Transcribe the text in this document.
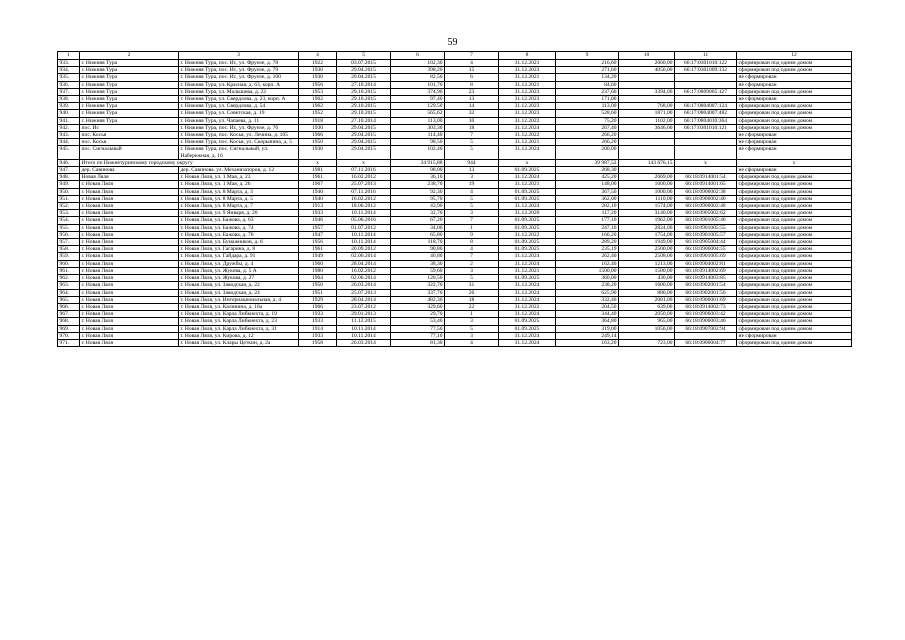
59
1	2	3	4	5	6	7	8	9	10	11	12
933.	г. Нижняя Тура	г. Нижняя Тура, пос. Ис, ул. Фрунзе, д. 78	1922	03.07.2015	102,30	4	31.12.2021	216,60	2660,00	66:17:0301010:122	сформирован под одним домом
934.	г. Нижняя Тура	г. Нижняя Тура, пос. Ис, ул. Фрунзе, д. 79	1930	29.04.2015	398,20	15	31.12.2023	271,60	4056,00	66:17:0301009:132	сформирован под одним домом
935.	г. Нижняя Тура	г. Нижняя Тура, пос. Ис, ул. Фрунзе, д. 100	1930	20.04.2015	82,50	6	31.12.2021	134,20			не сформирован
936.	г. Нижняя Тура	г. Нижняя Тура, ул. Красная, д. 63, корп. А	1956	27.10.2014	101,70	8	31.12.2021	84,60			не сформирован
937.	г. Нижняя Тура	г. Нижняя Тура, ул. Малышева, д. 22	1953	29.10.2015	374,90	23	31.12.2023	237,60	3394,00	66:17:0809005:127	сформирован под одним домом
938.	г. Нижняя Тура	г. Нижняя Тура, ул. Свердлова, д. 23, корп. А	1962	29.10.2015	97,40	13	31.12.2023	171,00			не сформирован
939.	г. Нижняя Тура	г. Нижняя Тура, ул. Свердлова, д. 54	1962	29.10.2015	129,50	14	31.12.2023	113,00	768,00	66:17:0804007:124	сформирован под одним домом
940.	г. Нижняя Тура	г. Нижняя Тура, ул. Советская, д. 19	1952	29.10.2015	565,62	32	31.12.2023	528,60	1871,00	66:17:0804007:482	сформирован под одним домом
941.	г. Нижняя Тура	г. Нижняя Тура, ул. Чапаева, д. 11	1918	27.10.2014	113,00	10	31.12.2022	75,20	1102,00	66:17:0804010:364	сформирован под одним домом
942.	пос. Ис	г. Нижняя Тура, пос. Ис, ул. Фрунзе, д. 76	1930	29.04.2015	303,30	18	31.12.2024	267,40	3646,00	66:17:0301010:121	сформирован под одним домом
943.	пос. Косья	г. Нижняя Тура, пос. Косья, ул. Лечина, д. 105	1966	29.04.2015	114,40	7	31.12.2022	266,20			не сформирован
944.	пос. Косья	г. Нижняя Тура, пос. Косья, ул. Скорынина, д. 5	1950	29.04.2015	98,50	5	31.12.2021	266,20			не сформирован
945.	пос. Сигнальный	г. Нижняя Тура, пос. Сигнальный, ул. Набережная, д. 16	1930	29.04.2015	102,40	5	31.12.2024	200,00			не сформирован
946.	Итого по Нижнетуринскому городскому округу		x	x	34 915,88	944	x	39 987,52	143 676,15	x	x
947.	дер. Савинова	дер. Савинова, ул. Механизаторов, д. 12	1981	07.11.2016	98,00	13	01.09.2025	268,30			не сформирован
948.	Новая Ляля	г. Новая Ляля, ул. 1 Мая, д. 23	1961	16.02.2012	36,10	3	31.12.2024	425,20	2669,00	66:18:0914001:54	сформирован под одним домом
949.	г. Новая Ляля	г. Новая Ляля, ул. 1 Мая, д. 26	1967	25.07.2013	238,70	19	31.12.2021	148,00	1000,00	66:18:0914001:65	сформирован под одним домом
950.	г. Новая Ляля	г. Новая Ляля, ул. 8 Марта, д. 3	1940	07.11.2016	92,30	4	01.09.2025	367,50	1000,00	66:18:0906002:38	сформирован под одним домом
951.	г. Новая Ляля	г. Новая Ляля, ул. 8 Марта, д. 5	1940	16.02.2012	95,70	5	01.09.2025	362,00	1110,00	66:18:0906002:40	сформирован под одним домом
952.	г. Новая Ляля	г. Новая Ляля, ул. 8 Марта, д. 7	1913	18.06.2012	43,90	5	31.12.2024	282,10	1574,00	66:18:0906002:48	сформирован под одним домом
953.	г. Новая Ляля	г. Новая Ляля, ул. 9 Января, д. 20	1933	10.11.2014	32,70	3	31.12.2020	117,20	3140,00	66:18:0905002:62	сформирован под одним домом
954.	г. Новая Ляля	г. Новая Ляля, ул. Бажова, д. 63	1946	05.06.2016	67,20	7	01.09.2025	177,10	1962,00	66:18:0901005:46	сформирован под одним домом
955.	г. Новая Ляля	г. Новая Ляля, ул. Бажова, д. 74	1957	01.07.2012	34,00	1	01.09.2025	247,10	2824,00	66:18:0901005:55	сформирован под одним домом
956.	г. Новая Ляля	г. Новая Ляля, ул. Бажова, д. 76	1947	10.11.2014	65,80	9	31.12.2022	166,20	1754,00	66:18:0901005:57	сформирован под одним домом
957.	г. Новая Ляля	г. Новая Ляля, ул. Бумажников, д. 6	1956	10.11.2014	118,70	8	01.09.2025	289,20	1949,00	66:18:0905004:44	сформирован под одним домом
958.	г. Новая Ляля	г. Новая Ляля, ул. Гагарина, д. 8	1961	20.09.2012	90,80	4	01.09.2025	235,19	2500,00	66:18:0906004:55	сформирован под одним домом
959.	г. Новая Ляля	г. Новая Ляля, ул. Гайдара, д. 91	1949	02.06.2014	40,80	7	31.12.2024	262,40	2508,00	66:18:0901005:69	сформирован под одним домом
960.	г. Новая Ляля	г. Новая Ляля, ул. Дружбы, д. 4	1960	28.04.2014	38,30	2	31.12.2024	162,40	1213,00	66:18:0904002:81	сформирован под одним домом
961.	г. Новая Ляля	г. Новая Ляля, ул. Жукова, д. 5 А	1980	16.02.2012	59,60	3	31.12.2021	1500,00	1500,00	66:18:0914002:69	сформирован под одним домом
962.	г. Новая Ляля	г. Новая Ляля, ул. Жукова, д. 27	1964	02.06.2014	120,50	5	01.09.2025	360,00	430,00	66:18:0914003:85	сформирован под одним домом
963.	г. Новая Ляля	г. Новая Ляля, ул. Заводская, д. 22	1950	26.03.2014	322,70	31	31.12.2024	238,20	1600,00	66:18:0902001:54	сформирован под одним домом
964.	г. Новая Ляля	г. Новая Ляля, ул. Заводская, д. 24	1951	25.07.2013	337,70	26	31.12.2024	625,90	886,00	66:18:0902001:56	сформирован под одним домом
965.	г. Новая Ляля	г. Новая Ляля, ул. Интернациональная, д. 4	1929	28.04.2014	482,30	18	31.12.2024	332,40	2081,00	66:18:0906001:69	сформирован под одним домом
966.	г. Новая Ляля	г. Новая Ляля, ул. Калинина, д. 10а	1966	23.07.2012	329,60	22	31.12.2022	204,50	639,00	66:18:0914002:73	сформирован под одним домом
967.	г. Новая Ляля	г. Новая Ляля, ул. Карла Либкнехта, д. 19	1933	29.01.2013	29,70	1	31.12.2024	344,40	2050,00	66:18:0906003:42	сформирован под одним домом
968.	г. Новая Ляля	г. Новая Ляля, ул. Карла Либкнехта, д. 23	1933	11.12.2015	53,40	3	01.09.2025	364,80	965,00	66:18:0906003:46	сформирован под одним домом
969.	г. Новая Ляля	г. Новая Ляля, ул. Карла Либкнехта, д. 31	1914	10.11.2014	77,50	5	01.09.2025	319,00	1056,00	66:18:0907002:94	сформирован под одним домом
970.	г. Новая Ляля	г. Новая Ляля, ул. Кирова, д. 12	1933	10.11.2014	77,10	3	31.12.2024	249,14			не сформирован
971.	г. Новая Ляля	г. Новая Ляля, ул. Клары Цеткин, д. 2а	1958	26.03.2014	81,30	4	31.12.2024	163,20	723,00	66:18:0906004:77	сформирован под одним домом
